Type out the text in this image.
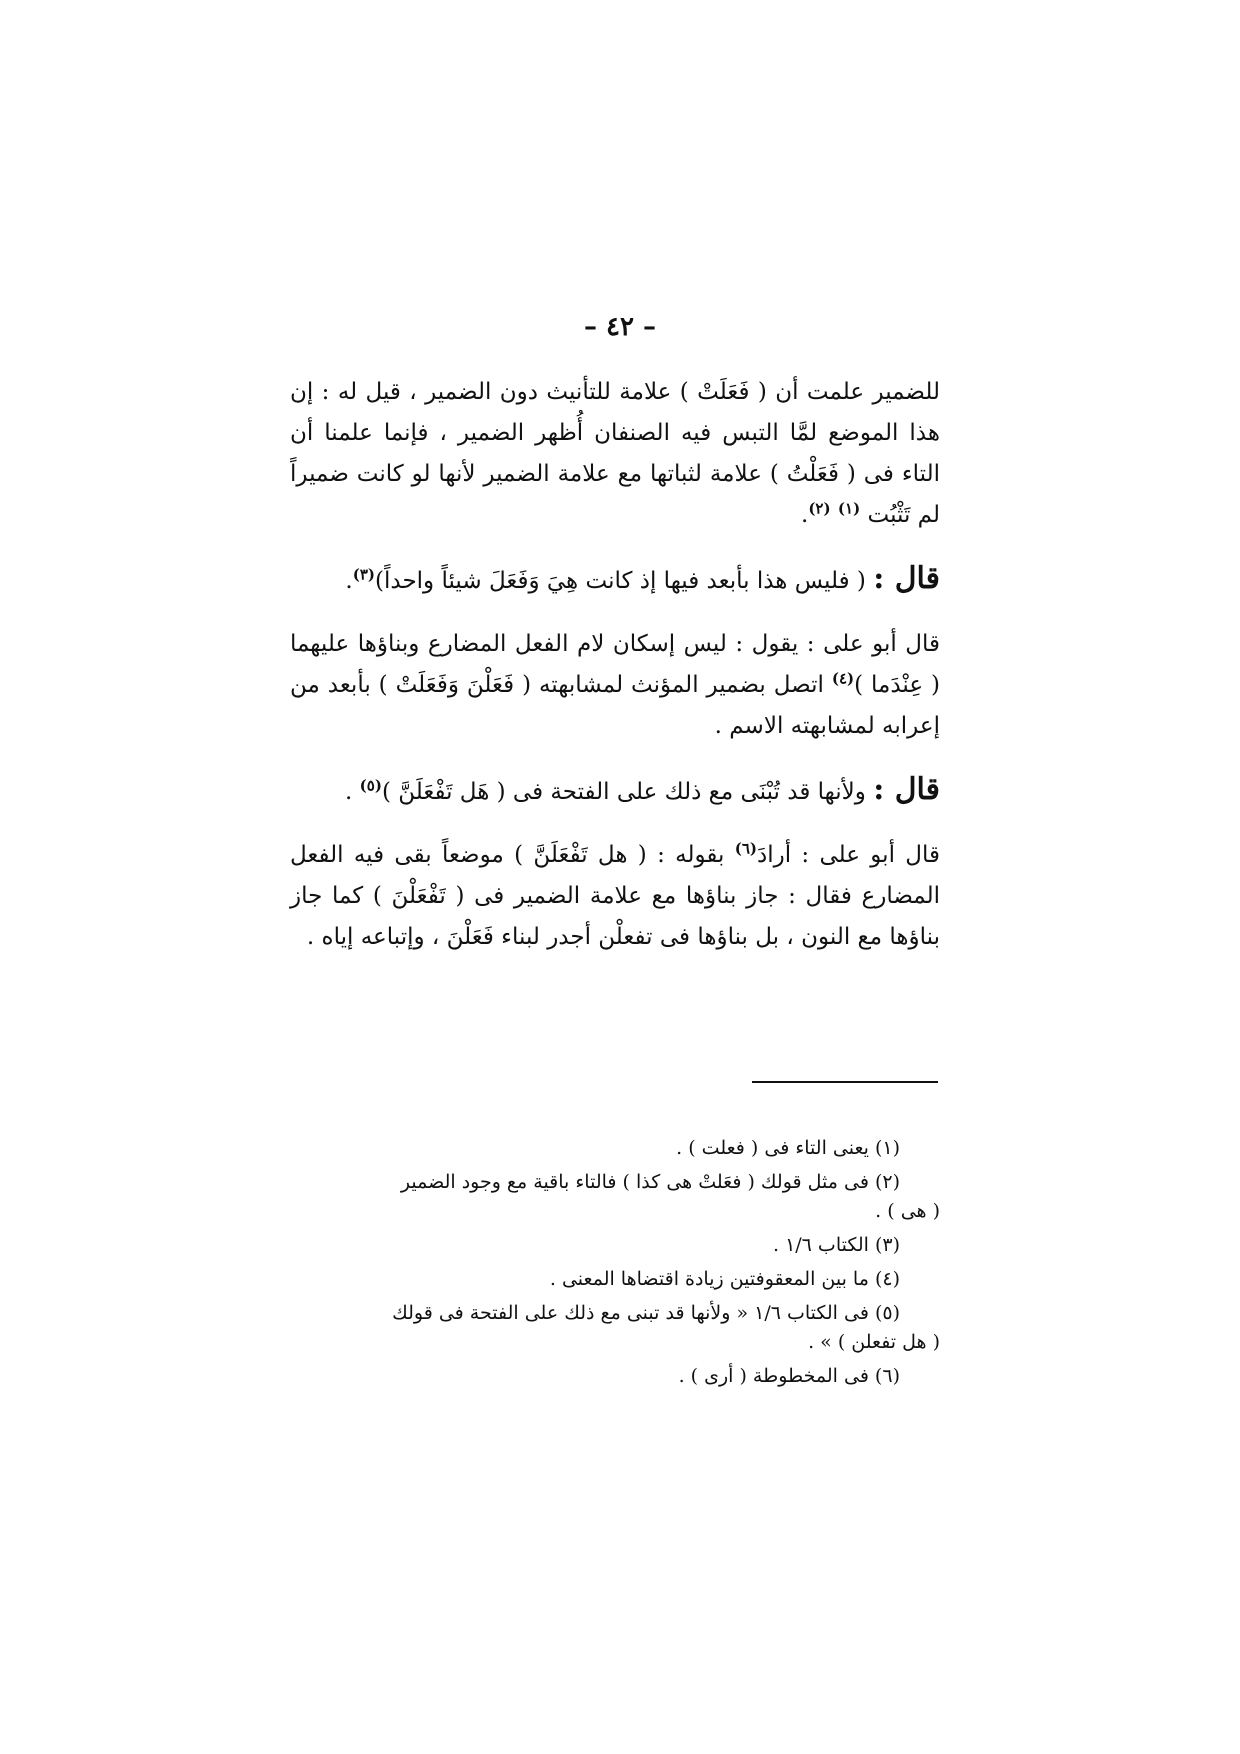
– ٤٢ –

للضمير علمت أن ( فَعَلَتْ ) علامة للتأنيث دون الضمير ، قيل له : إن هذا الموضع لمَّا التبس فيه الصنفان أُظهر الضمير ، فإنما علمنا أن التاء فى ( فَعَلْتُ ) علامة لثباتها مع علامة الضمير لأنها لو كانت ضميراً لم تَثْبُت $^{(١)}$ $^{(٢)}$.

قال : ( فليس هذا بأبعد فيها إذ كانت هِيَ وَفَعَلَ شيئاً واحداً)$^{(٣)}$.

قال أبو على : يقول : ليس إسكان لام الفعل المضارع وبناؤها عليهما ( عِنْدَما )$^{(٤)}$ اتصل بضمير المؤنث لمشابهته ( فَعَلْنَ وَفَعَلَتْ ) بأبعد من إعرابه لمشابهته الاسم .

قال : ولأنها قد تُبْنَى مع ذلك على الفتحة فى ( هَل تَفْعَلَنَّ )$^{(٥)}$ .

قال أبو على : أرادَ$^{(٦)}$ بقوله : ( هل تَفْعَلَنَّ ) موضعاً بقى فيه الفعل المضارع فقال : جاز بناؤها مع علامة الضمير فى ( تَفْعَلْنَ ) كما جاز بناؤها مع النون ، بل بناؤها فى تفعلْن أجدر لبناء فَعَلْنَ ، وإتباعه إياه .

(١) يعنى التاء فى ( فعلت ) .

(٢) فى مثل قولك ( فعَلتْ هى كذا ) فالتاء باقية مع وجود الضمير

( هى ) .

(٣) الكتاب ١/٦ .

(٤) ما بين المعقوفتين زيادة اقتضاها المعنى .

(٥) فى الكتاب ١/٦ « ولأنها قد تبنى مع ذلك على الفتحة فى قولك

( هل تفعلن ) » .

(٦) فى المخطوطة ( أرى ) .
